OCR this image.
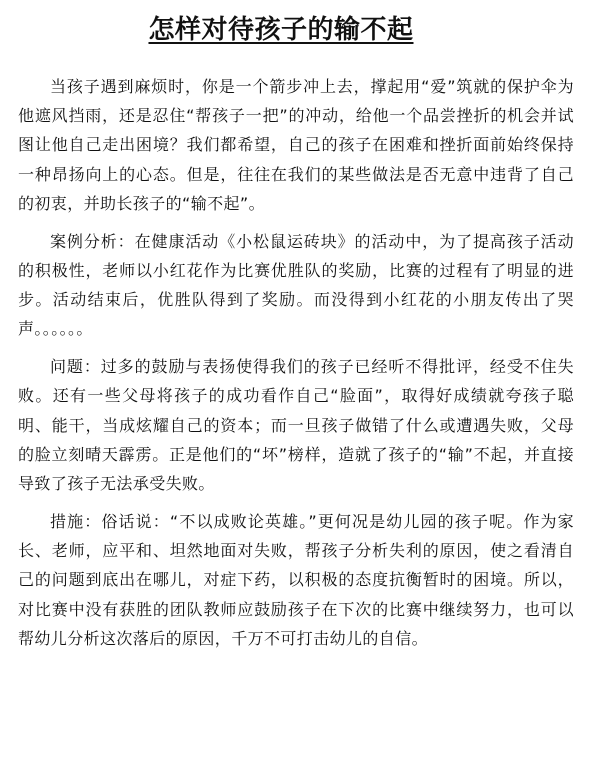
怎样对待孩子的输不起

当孩子遇到麻烦时，你是一个箭步冲上去，撑起用“爱”筑就的保护伞为他遮风挡雨，还是忍住“帮孩子一把”的冲动，给他一个品尝挫折的机会并试图让他自己走出困境？我们都希望，自己的孩子在困难和挫折面前始终保持一种昂扬向上的心态。但是，往往在我们的某些做法是否无意中违背了自己的初衷，并助长孩子的“输不起”。

案例分析：在健康活动《小松鼠运砖块》的活动中，为了提高孩子活动的积极性，老师以小红花作为比赛优胜队的奖励，比赛的过程有了明显的进步。活动结束后，优胜队得到了奖励。而没得到小红花的小朋友传出了哭声。。。。。。

问题：过多的鼓励与表扬使得我们的孩子已经听不得批评，经受不住失败。还有一些父母将孩子的成功看作自己“脸面”，取得好成绩就夸孩子聪明、能干，当成炫耀自己的资本；而一旦孩子做错了什么或遭遇失败，父母的脸立刻晴天霹雳。正是他们的“坏”榜样，造就了孩子的“输”不起，并直接导致了孩子无法承受失败。

措施：俗话说：“不以成败论英雄。”更何况是幼儿园的孩子呢。作为家长、老师，应平和、坦然地面对失败，帮孩子分析失利的原因，使之看清自己的问题到底出在哪儿，对症下药，以积极的态度抗衡暂时的困境。所以，对比赛中没有获胜的团队教师应鼓励孩子在下次的比赛中继续努力，也可以帮幼儿分析这次落后的原因，千万不可打击幼儿的自信。
